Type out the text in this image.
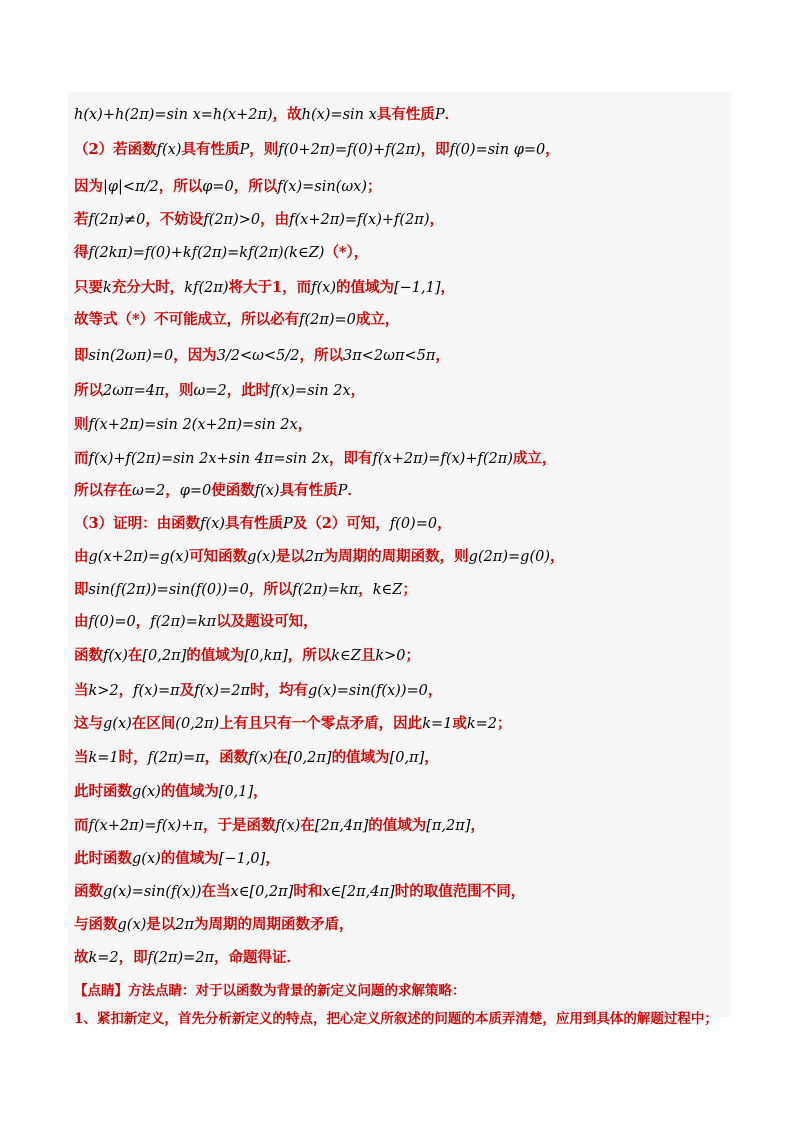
h(x)+h(2π)=sin x=h(x+2π)，故h(x)=sin x具有性质P．
（2）若函数f(x)具有性质P，则f(0+2π)=f(0)+f(2π)，即f(0)=sin φ=0，
因为|φ|<π/2，所以φ=0，所以f(x)=sin(ωx)；
若f(2π)≠0，不妨设f(2π)>0，由f(x+2π)=f(x)+f(2π)，
得f(2kπ)=f(0)+kf(2π)=kf(2π)(k∈Z)（*），
只要k充分大时，kf(2π)将大于1，而f(x)的值域为[−1,1]，
故等式（*）不可能成立，所以必有f(2π)=0成立，
即sin(2ωπ)=0，因为3/2<ω<5/2，所以3π<2ωπ<5π，
所以2ωπ=4π，则ω=2，此时f(x)=sin 2x，
则f(x+2π)=sin 2(x+2π)=sin 2x，
而f(x)+f(2π)=sin 2x+sin 4π=sin 2x，即有f(x+2π)=f(x)+f(2π)成立，
所以存在ω=2，φ=0使函数f(x)具有性质P．
（3）证明：由函数f(x)具有性质P及（2）可知，f(0)=0，
由g(x+2π)=g(x)可知函数g(x)是以2π为周期的周期函数，则g(2π)=g(0)，
即sin(f(2π))=sin(f(0))=0，所以f(2π)=kπ，k∈Z；
由f(0)=0，f(2π)=kπ以及题设可知，
函数f(x)在[0,2π]的值域为[0,kπ]，所以k∈Z且k>0；
当k>2，f(x)=π及f(x)=2π时，均有g(x)=sin(f(x))=0，
这与g(x)在区间(0,2π)上有且只有一个零点矛盾，因此k=1或k=2；
当k=1时，f(2π)=π，函数f(x)在[0,2π]的值域为[0,π]，
此时函数g(x)的值域为[0,1]，
而f(x+2π)=f(x)+π，于是函数f(x)在[2π,4π]的值域为[π,2π]，
此时函数g(x)的值域为[−1,0]，
函数g(x)=sin(f(x))在当x∈[0,2π]时和x∈[2π,4π]时的取值范围不同，
与函数g(x)是以2π为周期的周期函数矛盾，
故k=2，即f(2π)=2π，命题得证．
【点睛】方法点睛：对于以函数为背景的新定义问题的求解策略：
1、紧扣新定义，首先分析新定义的特点，把心定义所叙述的问题的本质弄清楚，应用到具体的解题过程中；
